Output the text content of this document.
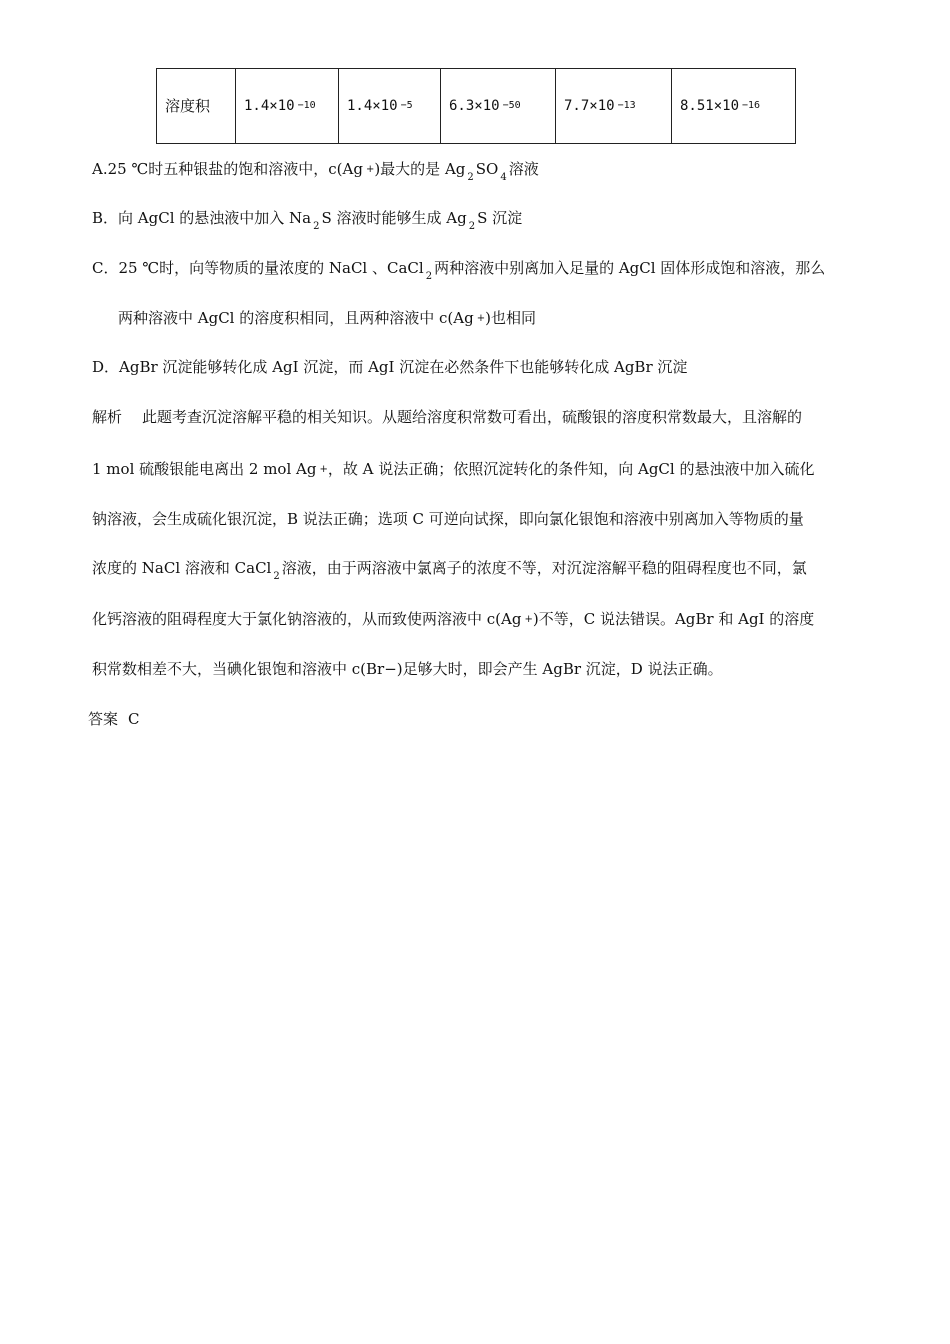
溶度积	1.4×10 $^{-10}$	1.4×10 $^{-5}$	6.3×10 $^{-50}$	7.7×10 $^{-13}$	8.51×10 $^{-16}$
A.25 ℃时五种银盐的饱和溶液中，c(Ag +)最大的是 Ag $_2$ SO $_4$ 溶液
B．向 AgCl 的悬浊液中加入 Na $_2$ S 溶液时能够生成 Ag $_2$ S 沉淀
C．25 ℃时，向等物质的量浓度的 NaCl 、CaCl $_2$ 两种溶液中别离加入足量的 AgCl 固体形成饱和溶液，那么
两种溶液中 AgCl 的溶度积相同，且两种溶液中 c(Ag +)也相同
D．AgBr 沉淀能够转化成 AgI 沉淀，而 AgI 沉淀在必然条件下也能够转化成 AgBr 沉淀
解析 此题考查沉淀溶解平稳的相关知识。从题给溶度积常数可看出，硫酸银的溶度积常数最大，且溶解的
1 mol 硫酸银能电离出 2 mol Ag +，故 A 说法正确；依照沉淀转化的条件知，向 AgCl 的悬浊液中加入硫化
钠溶液，会生成硫化银沉淀，B 说法正确；选项 C 可逆向试探，即向氯化银饱和溶液中别离加入等物质的量
浓度的 NaCl 溶液和 CaCl $_2$ 溶液，由于两溶液中氯离子的浓度不等，对沉淀溶解平稳的阻碍程度也不同，氯
化钙溶液的阻碍程度大于氯化钠溶液的，从而致使两溶液中 c(Ag +)不等，C 说法错误。AgBr 和 AgI 的溶度
积常数相差不大，当碘化银饱和溶液中 c(Br−)足够大时，即会产生 AgBr 沉淀，D 说法正确。
答案 C
